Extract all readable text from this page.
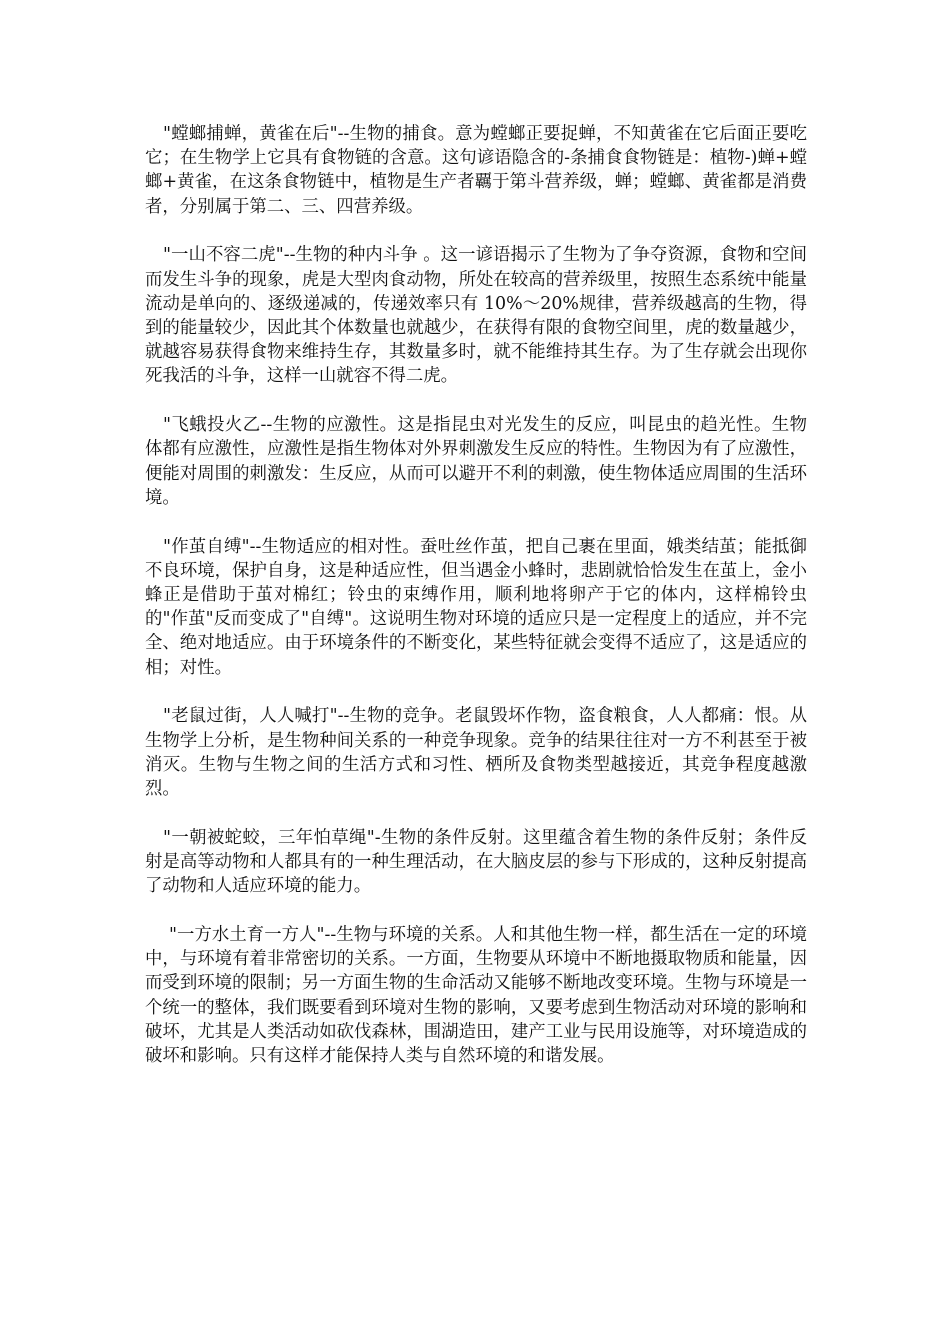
"螳螂捕蝉，黄雀在后"--生物的捕食。意为螳螂正要捉蝉，不知黄雀在它后面正要吃它；在生物学上它具有食物链的含意。这句谚语隐含的-条捕食食物链是：植物-)蝉+螳螂+黄雀，在这条食物链中，植物是生产者覊于第斗营养级，蝉；螳螂、黄雀都是消费者，分别属于第二、三、四营养级。

"一山不容二虎"--生物的种内斗争 。这一谚语揭示了生物为了争夺资源，食物和空间而发生斗争的现象，虎是大型肉食动物，所处在较高的营养级里，按照生态系统中能量流动是单向的、逐级递减的，传递效率只有 10%～20%规律，营养级越高的生物，得到的能量较少，因此其个体数量也就越少，在获得有限的食物空间里，虎的数量越少，就越容易获得食物来维持生存，其数量多时，就不能维持其生存。为了生存就会出现你死我活的斗争，这样一山就容不得二虎。

"飞蛾投火乙--生物的应激性。这是指昆虫对光发生的反应，叫昆虫的趋光性。生物体都有应激性，应激性是指生物体对外界刺激发生反应的特性。生物因为有了应激性，便能对周围的刺激发：生反应，从而可以避开不利的刺激，使生物体适应周围的生活环境。

"作茧自缚"--生物适应的相对性。蚕吐丝作茧，把自己裹在里面，娥类结茧；能抵御不良环境，保护自身，这是种适应性，但当遇金小蜂时，悲剧就恰恰发生在茧上，金小蜂正是借助于茧对棉红；铃虫的束缚作用，顺利地将卵产于它的体内，这样棉铃虫的"作茧"反而变成了"自缚"。这说明生物对环境的适应只是一定程度上的适应，并不完全、绝对地适应。由于环境条件的不断变化，某些特征就会变得不适应了，这是适应的相；对性。

"老鼠过街，人人喊打"--生物的竞争。老鼠毁坏作物，盗食粮食，人人都痛：恨。从生物学上分析，是生物种间关系的一种竞争现象。竞争的结果往往对一方不利甚至于被消灭。生物与生物之间的生活方式和习性、栖所及食物类型越接近，其竞争程度越激烈。

"一朝被蛇蛟，三年怕草绳"-生物的条件反射。这里蕴含着生物的条件反射；条件反射是高等动物和人都具有的一种生理活动，在大脑皮层的参与下形成的，这种反射提高了动物和人适应环境的能力。

"一方水土育一方人"--生物与环境的关系。人和其他生物一样，都生活在一定的环境中，与环境有着非常密切的关系。一方面，生物要从环境中不断地摄取物质和能量，因而受到环境的限制；另一方面生物的生命活动又能够不断地改变环境。生物与环境是一个统一的整体，我们既要看到环境对生物的影响，又要考虑到生物活动对环境的影响和破坏，尤其是人类活动如砍伐森林，围湖造田，建产工业与民用设施等，对环境造成的破坏和影响。只有这样才能保持人类与自然环境的和谐发展。
